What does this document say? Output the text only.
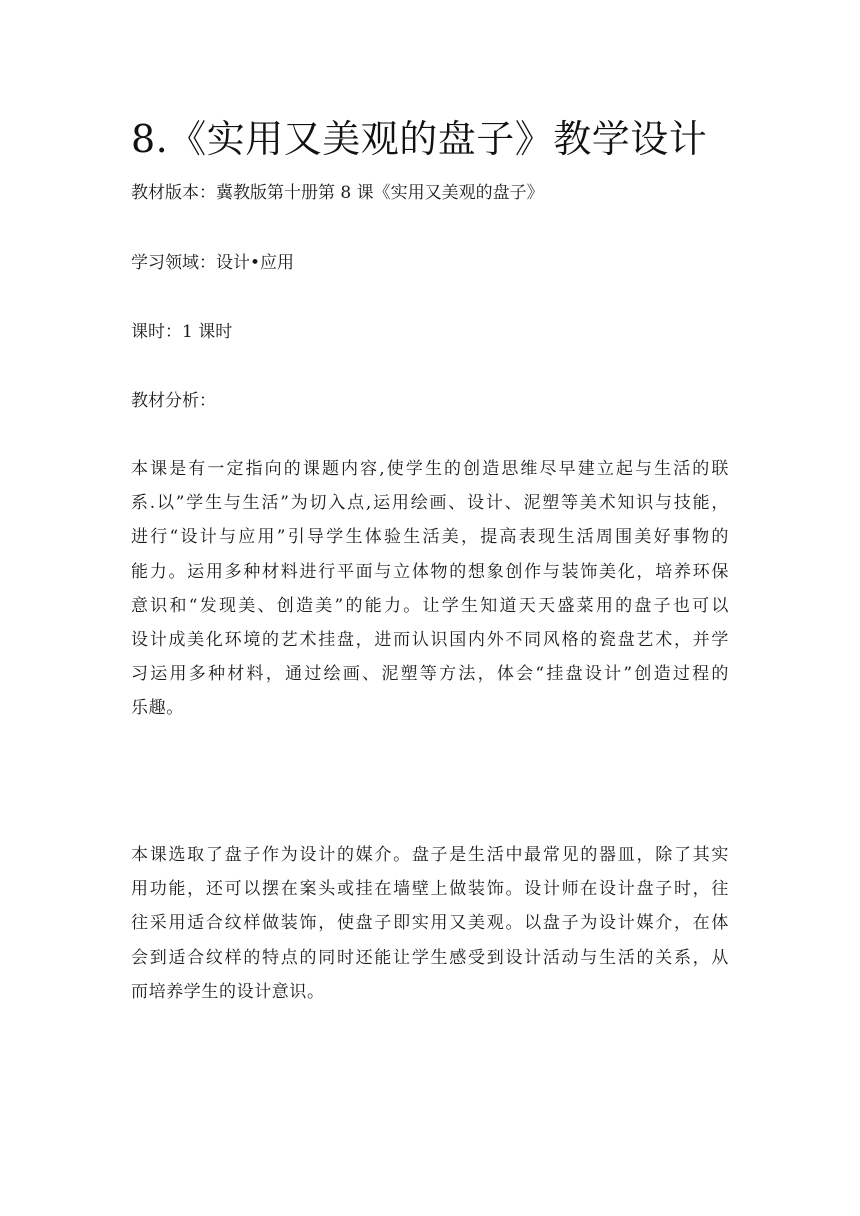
8.《实用又美观的盘子》教学设计

教材版本：冀教版第十册第 8 课《实用又美观的盘子》

学习领域：设计•应用

课时：1 课时

教材分析：

本课是有一定指向的课题内容,使学生的创造思维尽早建立起与生活的联
系.以”学生与生活”为切入点,运用绘画、设计、泥塑等美术知识与技能，
进行“设计与应用”引导学生体验生活美，提高表现生活周围美好事物的
能力。运用多种材料进行平面与立体物的想象创作与装饰美化，培养环保
意识和“发现美、创造美”的能力。让学生知道天天盛菜用的盘子也可以
设计成美化环境的艺术挂盘，进而认识国内外不同风格的瓷盘艺术，并学
习运用多种材料，通过绘画、泥塑等方法，体会“挂盘设计”创造过程的
乐趣。
本课选取了盘子作为设计的媒介。盘子是生活中最常见的器皿，除了其实
用功能，还可以摆在案头或挂在墙壁上做装饰。设计师在设计盘子时，往
往采用适合纹样做装饰，使盘子即实用又美观。以盘子为设计媒介，在体
会到适合纹样的特点的同时还能让学生感受到设计活动与生活的关系，从
而培养学生的设计意识。
